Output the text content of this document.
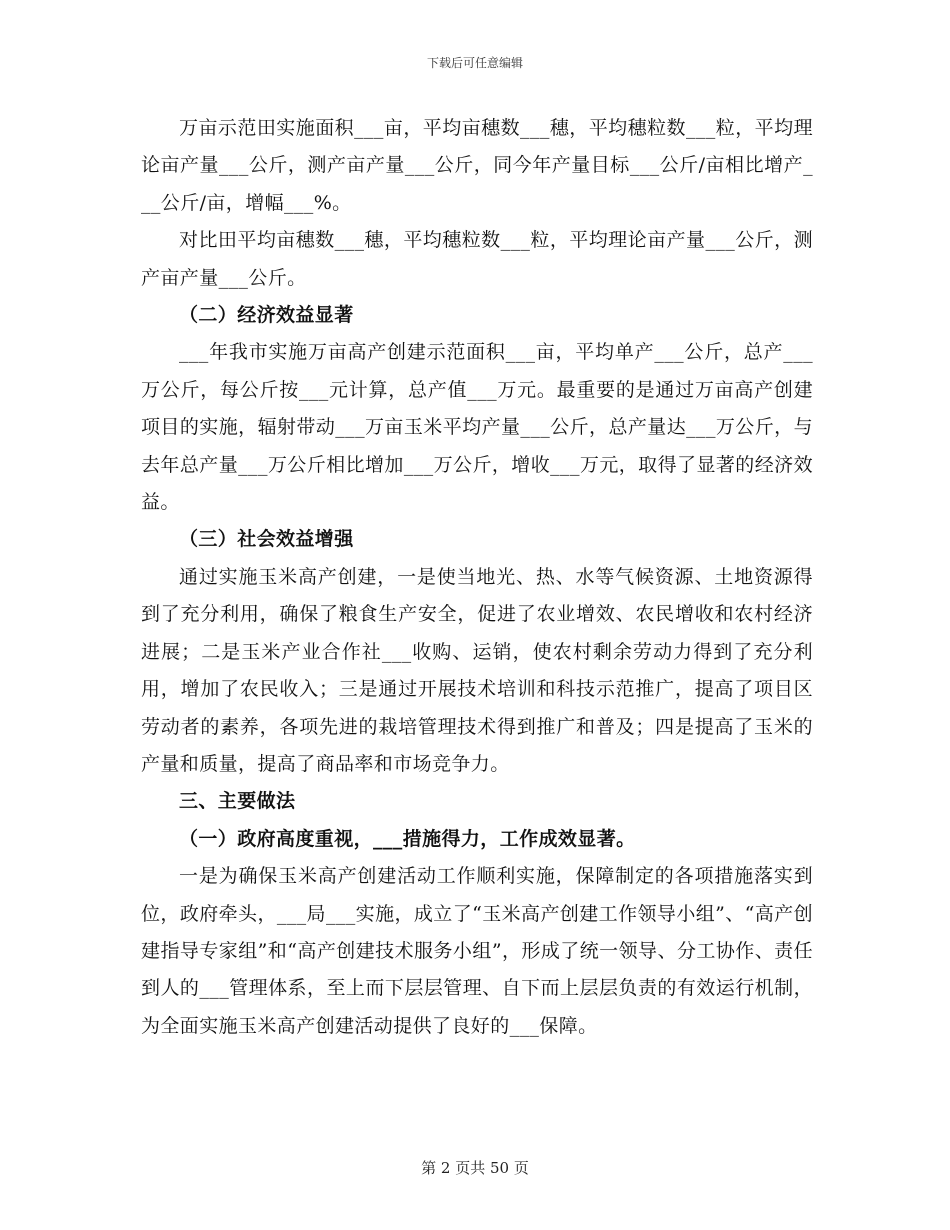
下载后可任意编辑

万亩示范田实施面积___亩，平均亩穗数___穗，平均穗粒数___粒，平均理论亩产量___公斤，测产亩产量___公斤，同今年产量目标___公斤/亩相比增产___公斤/亩，增幅___%。

对比田平均亩穗数___穗，平均穗粒数___粒，平均理论亩产量___公斤，测产亩产量___公斤。

（二）经济效益显著

___年我市实施万亩高产创建示范面积___亩，平均单产___公斤，总产___万公斤，每公斤按___元计算，总产值___万元。最重要的是通过万亩高产创建项目的实施，辐射带动___万亩玉米平均产量___公斤，总产量达___万公斤，与去年总产量___万公斤相比增加___万公斤，增收___万元，取得了显著的经济效益。

（三）社会效益增强

通过实施玉米高产创建，一是使当地光、热、水等气候资源、土地资源得到了充分利用，确保了粮食生产安全，促进了农业增效、农民增收和农村经济进展；二是玉米产业合作社___收购、运销，使农村剩余劳动力得到了充分利用，增加了农民收入；三是通过开展技术培训和科技示范推广，提高了项目区劳动者的素养，各项先进的栽培管理技术得到推广和普及；四是提高了玉米的产量和质量，提高了商品率和市场竞争力。

三、主要做法

（一）政府高度重视，___措施得力，工作成效显著。

一是为确保玉米高产创建活动工作顺利实施，保障制定的各项措施落实到位，政府牵头，___局___实施，成立了“玉米高产创建工作领导小组”、“高产创建指导专家组”和“高产创建技术服务小组”，形成了统一领导、分工协作、责任到人的___管理体系，至上而下层层管理、自下而上层层负责的有效运行机制，为全面实施玉米高产创建活动提供了良好的___保障。

第 2 页共 50 页
